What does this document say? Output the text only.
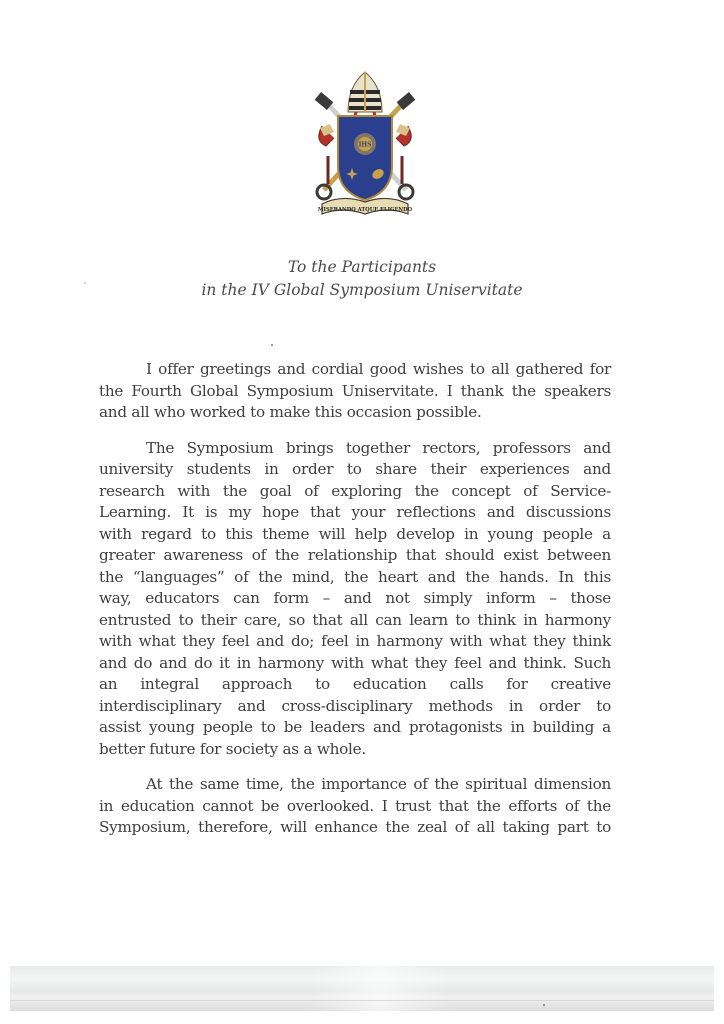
IHS
MISERANDO ATQUE ELIGENDO
To the Participants
in the IV Global Symposium Uniservitate

I offer greetings and cordial good wishes to all gathered for
the Fourth Global Symposium Uniservitate. I thank the speakers
and all who worked to make this occasion possible.

The Symposium brings together rectors, professors and
university students in order to share their experiences and
research with the goal of exploring the concept of Service-
Learning. It is my hope that your reflections and discussions
with regard to this theme will help develop in young people a
greater awareness of the relationship that should exist between
the “languages” of the mind, the heart and the hands. In this
way, educators can form – and not simply inform – those
entrusted to their care, so that all can learn to think in harmony
with what they feel and do; feel in harmony with what they think
and do and do it in harmony with what they feel and think. Such
an integral approach to education calls for creative
interdisciplinary and cross-disciplinary methods in order to
assist young people to be leaders and protagonists in building a
better future for society as a whole.

At the same time, the importance of the spiritual dimension
in education cannot be overlooked. I trust that the efforts of the
Symposium, therefore, will enhance the zeal of all taking part to
